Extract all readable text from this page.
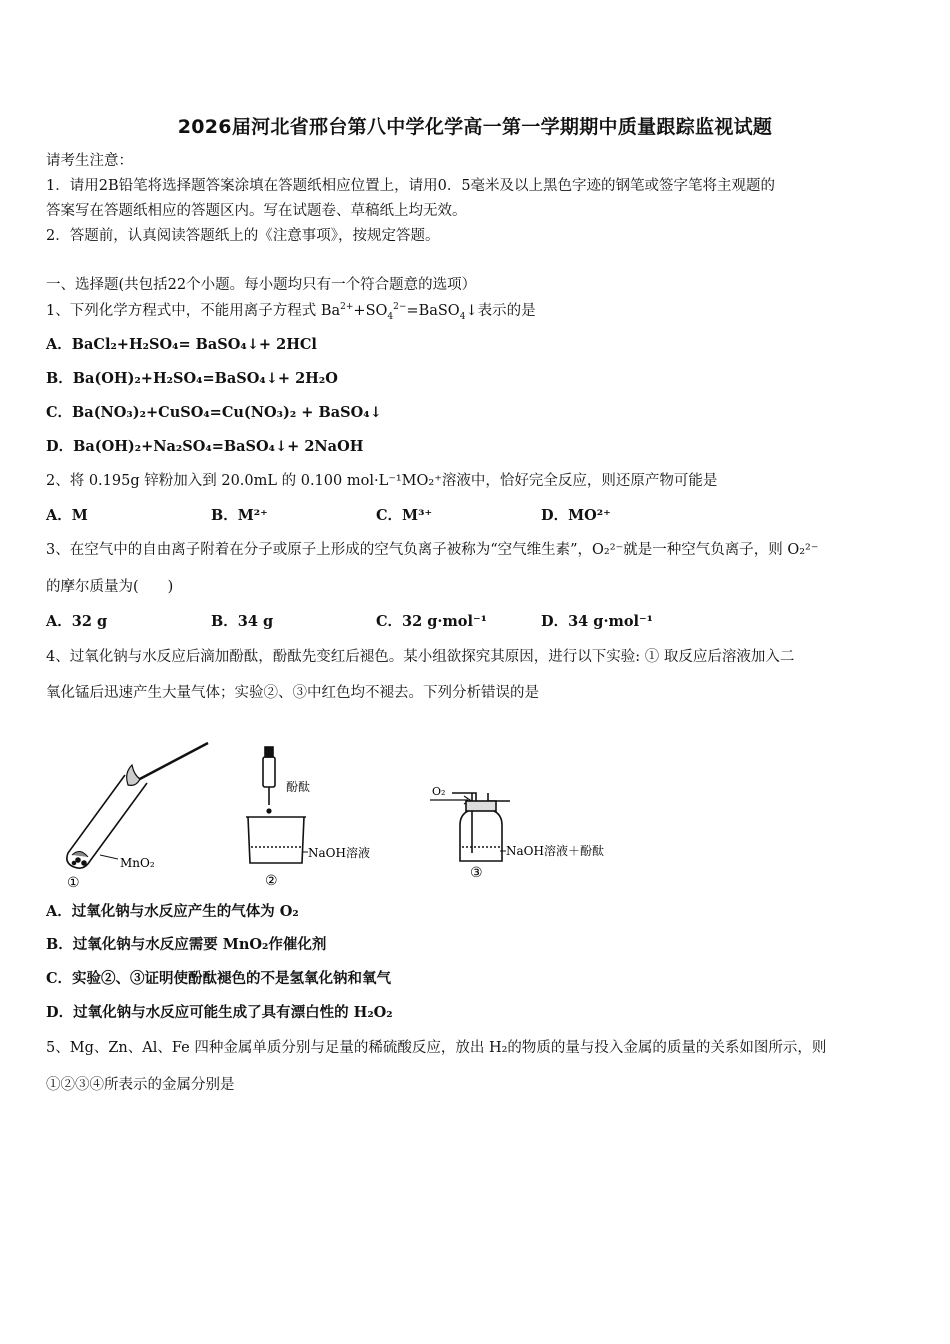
2026届河北省邢台第八中学化学高一第一学期期中质量跟踪监视试题
请考生注意：
1．请用2B铅笔将选择题答案涂填在答题纸相应位置上，请用0．5毫米及以上黑色字迹的钢笔或签字笔将主观题的
答案写在答题纸相应的答题区内。写在试题卷、草稿纸上均无效。
2．答题前，认真阅读答题纸上的《注意事项》，按规定答题。
一、选择题(共包括22个小题。每小题均只有一个符合题意的选项）
1、下列化学方程式中，不能用离子方程式 $Ba^{2+}+SO_4^{2-}=BaSO_4↓$表示的是
A．BaCl₂+H₂SO₄= BaSO₄↓+ 2HCl
B．Ba(OH)₂+H₂SO₄=BaSO₄↓+ 2H₂O
C．Ba(NO₃)₂+CuSO₄=Cu(NO₃)₂ + BaSO₄↓
D．Ba(OH)₂+Na₂SO₄=BaSO₄↓+ 2NaOH
2、将 0.195g 锌粉加入到 20.0mL 的 0.100 mol·L⁻¹MO₂⁺溶液中，恰好完全反应，则还原产物可能是
A．M	B．M²⁺	C．M³⁺	D．MO²⁺
3、在空气中的自由离子附着在分子或原子上形成的空气负离子被称为“空气维生素”，O₂²⁻就是一种空气负离子，则 O₂²⁻
的摩尔质量为(　　)
A．32 g	B．34 g	C．32 g·mol⁻¹	D．34 g·mol⁻¹
4、过氧化钠与水反应后滴加酚酞，酚酞先变红后褪色。某小组欲探究其原因，进行以下实验: ① 取反应后溶液加入二
氧化锰后迅速产生大量气体；实验②、③中红色均不褪去。下列分析错误的是
MnO₂
①
酚酞
NaOH溶液
②
O₂
NaOH溶液＋酚酞
③
A．过氧化钠与水反应产生的气体为 O₂
B．过氧化钠与水反应需要 MnO₂作催化剂
C．实验②、③证明使酚酞褪色的不是氢氧化钠和氧气
D．过氧化钠与水反应可能生成了具有漂白性的 H₂O₂
5、Mg、Zn、Al、Fe 四种金属单质分别与足量的稀硫酸反应，放出 H₂的物质的量与投入金属的质量的关系如图所示，则
①②③④所表示的金属分别是
